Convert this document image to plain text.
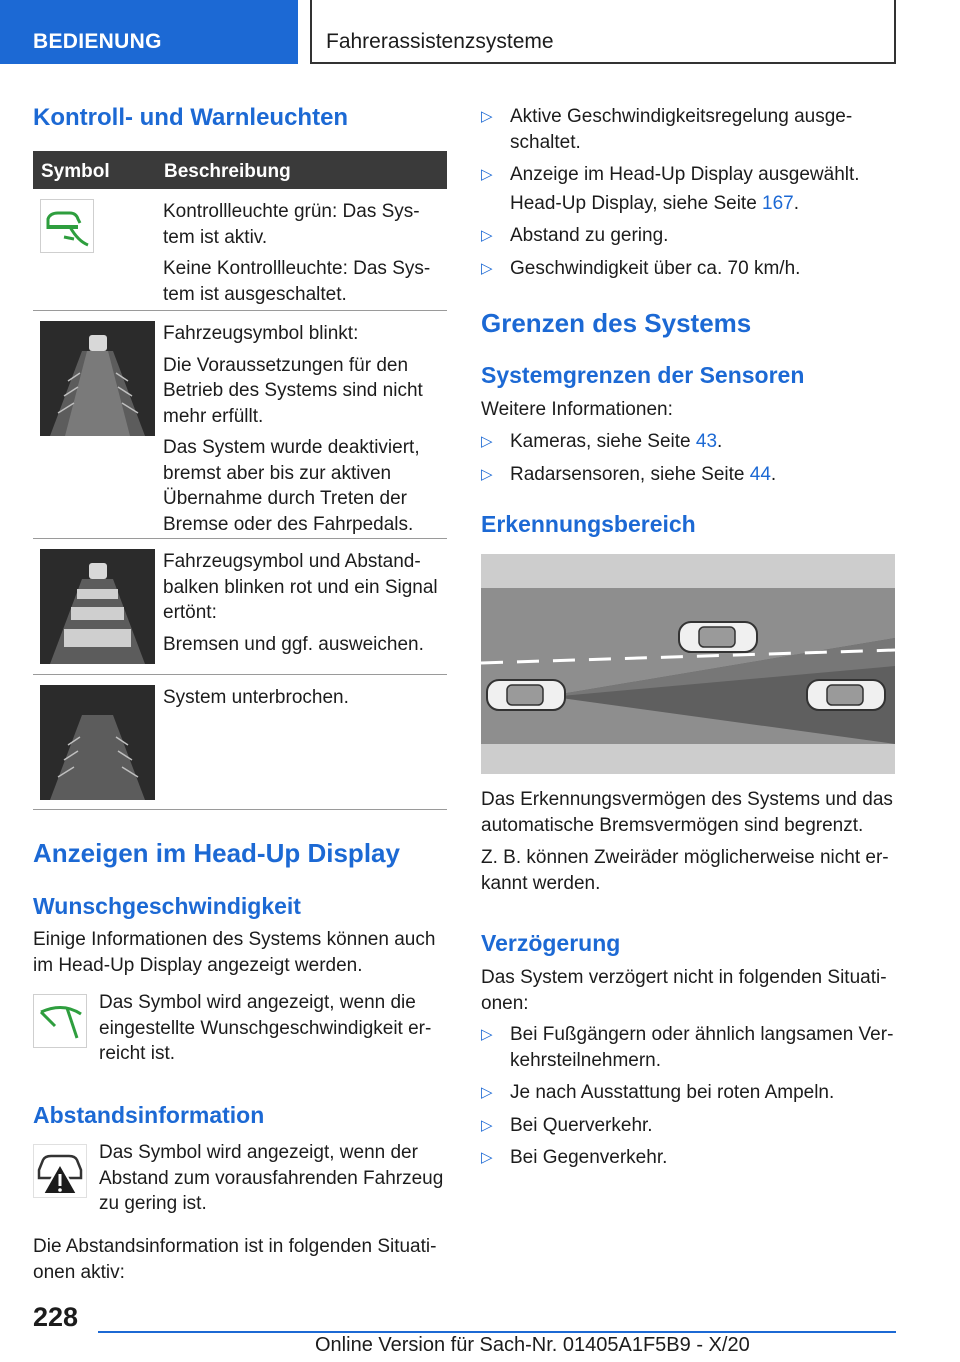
BEDIENUNG	Fahrerassistenzsysteme
Kontroll- und Warnleuchten
Symbol	Beschreibung

Kontrollleuchte grün: Das Sys- tem ist aktiv.

Keine Kontrollleuchte: Das Sys- tem ist ausgeschaltet.

Fahrzeugsymbol blinkt:

Die Voraussetzungen für den Betrieb des Systems sind nicht mehr erfüllt.

Das System wurde deaktiviert, bremst aber bis zur aktiven Übernahme durch Treten der Bremse oder des Fahrpedals.

Fahrzeugsymbol und Abstand- balken blinken rot und ein Signal ertönt:

Bremsen und ggf. ausweichen.

System unterbrochen.

Anzeigen im Head-Up Display
Wunschgeschwindigkeit
Einige Informationen des Systems können auch im Head-Up Display angezeigt werden.
Das Symbol wird angezeigt, wenn die eingestellte Wunschgeschwindigkeit er- reicht ist.
Abstandsinformation
Das Symbol wird angezeigt, wenn der Abstand zum vorausfahrenden Fahrzeug zu gering ist.
Die Abstandsinformation ist in folgenden Situati- onen aktiv:
▷ Aktive Geschwindigkeitsregelung ausge- schaltet.
▷ Anzeige im Head-Up Display ausgewählt.
Head-Up Display, siehe Seite 167.
▷ Abstand zu gering.
▷ Geschwindigkeit über ca. 70 km/h.
Grenzen des Systems
Systemgrenzen der Sensoren
Weitere Informationen:
▷ Kameras, siehe Seite 43.
▷ Radarsensoren, siehe Seite 44.
Erkennungsbereich
Das Erkennungsvermögen des Systems und das automatische Bremsvermögen sind begrenzt.
Z. B. können Zweiräder möglicherweise nicht er- kannt werden.
Verzögerung
Das System verzögert nicht in folgenden Situati- onen:
▷ Bei Fußgängern oder ähnlich langsamen Ver- kehrsteilnehmern.
▷ Je nach Ausstattung bei roten Ampeln.
▷ Bei Querverkehr.
▷ Bei Gegenverkehr.
228
Online Version für Sach-Nr. 01405A1F5B9 - X/20
